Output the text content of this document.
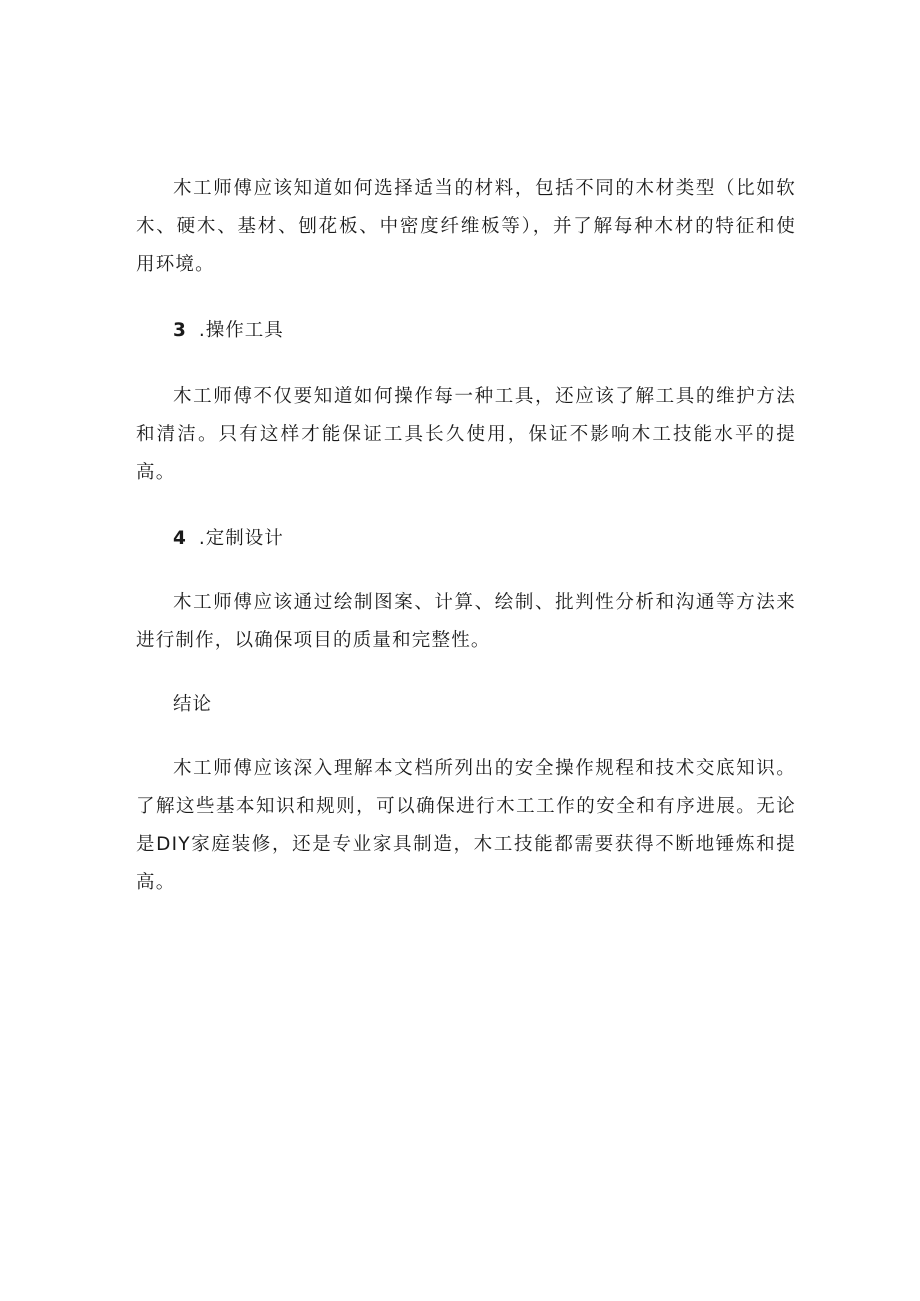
木工师傅应该知道如何选择适当的材料，包括不同的木材类型（比如软木、硬木、基材、刨花板、中密度纤维板等），并了解每种木材的特征和使用环境。

3 .操作工具

木工师傅不仅要知道如何操作每一种工具，还应该了解工具的维护方法和清洁。只有这样才能保证工具长久使用，保证不影响木工技能水平的提高。

4 .定制设计

木工师傅应该通过绘制图案、计算、绘制、批判性分析和沟通等方法来进行制作，以确保项目的质量和完整性。

结论

木工师傅应该深入理解本文档所列出的安全操作规程和技术交底知识。了解这些基本知识和规则，可以确保进行木工工作的安全和有序进展。无论是DIY家庭装修，还是专业家具制造，木工技能都需要获得不断地锤炼和提高。
